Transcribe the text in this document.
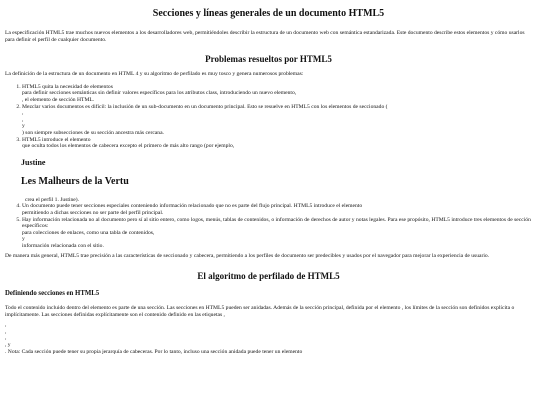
Secciones y líneas generales de un documento HTML5

La especificación HTML5 trae muchos nuevos elementos a los desarrolladores web, permitiéndoles describir la estructura de un documento web con semántica estandarizada. Este documento describe estos elementos y cómo usarlos para definir el perfil de cualquier documento.

Problemas resueltos por HTML5

La definición de la estructura de un documento en HTML 4 y su algoritmo de perfilado es muy tosco y genera numerosos problemas:

1. HTML5 quita la necesidad de elementos
para definir secciones semánticas sin definir valores específicos para los atributos class, introduciendo un nuevo elemento,
, el elemento de sección HTML.
2. Mezclar varios documentos es difícil: la inclusión de un sub-documento en un documento principal. Esto se resuelve en HTML5 con los elementos de seccionado (
,
,
y
) son siempre subsecciones de su sección ancestra más cercana.
3. HTML5 introduce el elemento
que oculta todos los elementos de cabecera excepto el primero de más alto rango (por ejemplo,
Justine
Les Malheurs de la Vertu
crea el perfil 1. Justine).
4. Un documento puede tener secciones especiales conteniendo información relacionado que no es parte del flujo principal. HTML5 introduce el elemento
permitiendo a dichas secciones no ser parte del perfil principal.
5. Hay información relacionada no al documento pero sí al sitio entero, como logos, menús, tablas de contenidos, o información de derechos de autor y notas legales. Para ese propósito, HTML5 introduce tres elementos de sección específicos:
para colecciones de enlaces, como una tabla de contenidos,
y
información relacionada con el sitio.

De manera más general, HTML5 trae precisión a las características de seccionado y cabecera, permitiendo a los perfiles de documento ser predecibles y usados por el navegador para mejorar la experiencia de usuario.

El algoritmo de perfilado de HTML5
Definiendo secciones en HTML5

Todo el contenido incluido dentro del elemento es parte de una sección. Las secciones en HTML5 pueden ser anidadas. Además de la sección principal, definida por el elemento , los límites de la sección son definidos explícita o implícitamente. Las secciones definidas explícitamente son el contenido definido en las etiquetas ,

,
,
,
, y
. Nota: Cada sección puede tener su propia jerarquía de cabeceras. Por lo tanto, incluso una sección anidada puede tener un elemento
